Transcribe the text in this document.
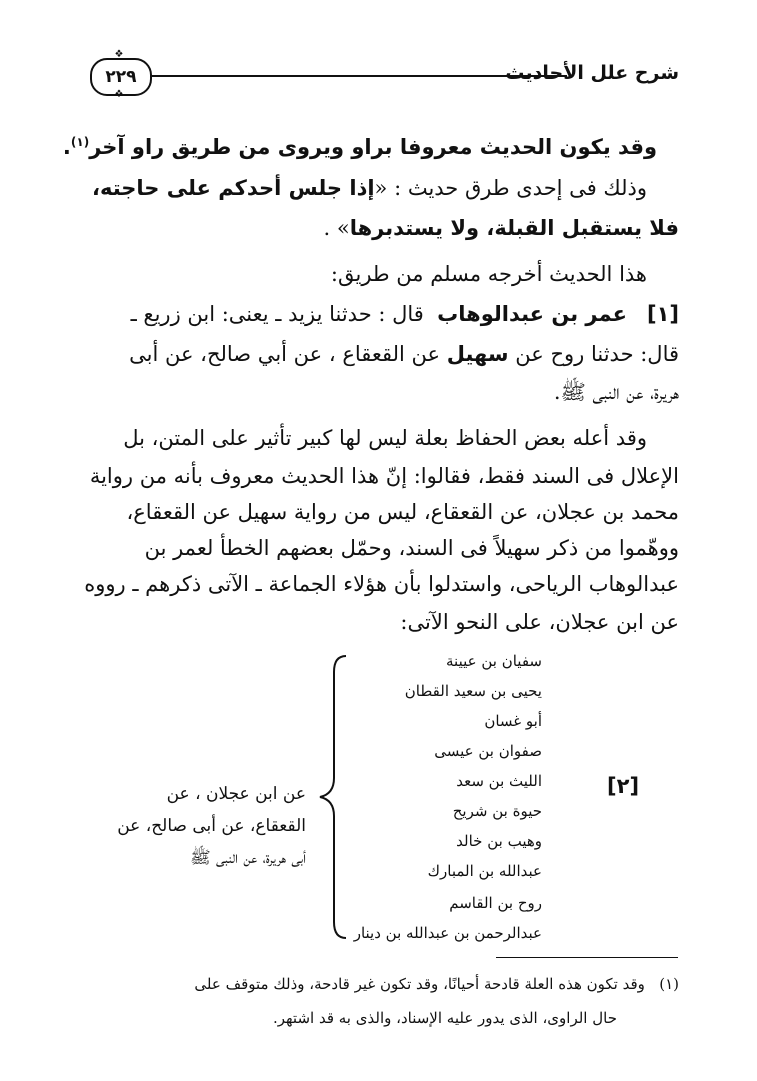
شرح علل الأحاديث
٢٢٩
❖
❖
وقد يكون الحديث معروفا براو ويروى من طريق راو آخر$^{(١)}$.
وذلك فى إحدى طرق حديث : «إذا جلس أحدكم على حاجته،
فلا يستقبل القبلة، ولا يستدبرها» .
هذا الحديث أخرجه مسلم من طريق:
[١]   عمر بن عبدالوهاب  قال : حدثنا يزيد ـ يعنى: ابن زريع ـ
قال: حدثنا روح عن سهيل عن القعقاع ، عن أبي صالح، عن أبى
هريرة، عن النبى ﷺ.
وقد أعله بعض الحفاظ بعلة ليس لها كبير تأثير على المتن، بل
الإعلال فى السند فقط، فقالوا: إنّ هذا الحديث معروف بأنه من رواية
محمد بن عجلان، عن القعقاع، ليس من رواية سهيل عن القعقاع،
ووهّموا من ذكر سهيلاً فى السند، وحمّل بعضهم الخطأ لعمر بن
عبدالوهاب الرياحى، واستدلوا بأن هؤلاء الجماعة ـ الآتى ذكرهم ـ رووه
عن ابن عجلان، على النحو الآتى:
[٢]
سفيان بن عيينة
يحيى بن سعيد القطان
أبو غسان
صفوان بن عيسى
الليث بن سعد
حيوة بن شريح
وهيب بن خالد
عبدالله بن المبارك
روح بن القاسم
عبدالرحمن بن عبدالله بن دينار
عن ابن عجلان ، عن
القعقاع، عن أبى صالح، عن
أبى هريرة، عن النبى ﷺ
(١)   وقد تكون هذه العلة قادحة أحيانًا، وقد تكون غير قادحة، وذلك متوقف على
حال الراوى، الذى يدور عليه الإسناد، والذى به قد اشتهر.
